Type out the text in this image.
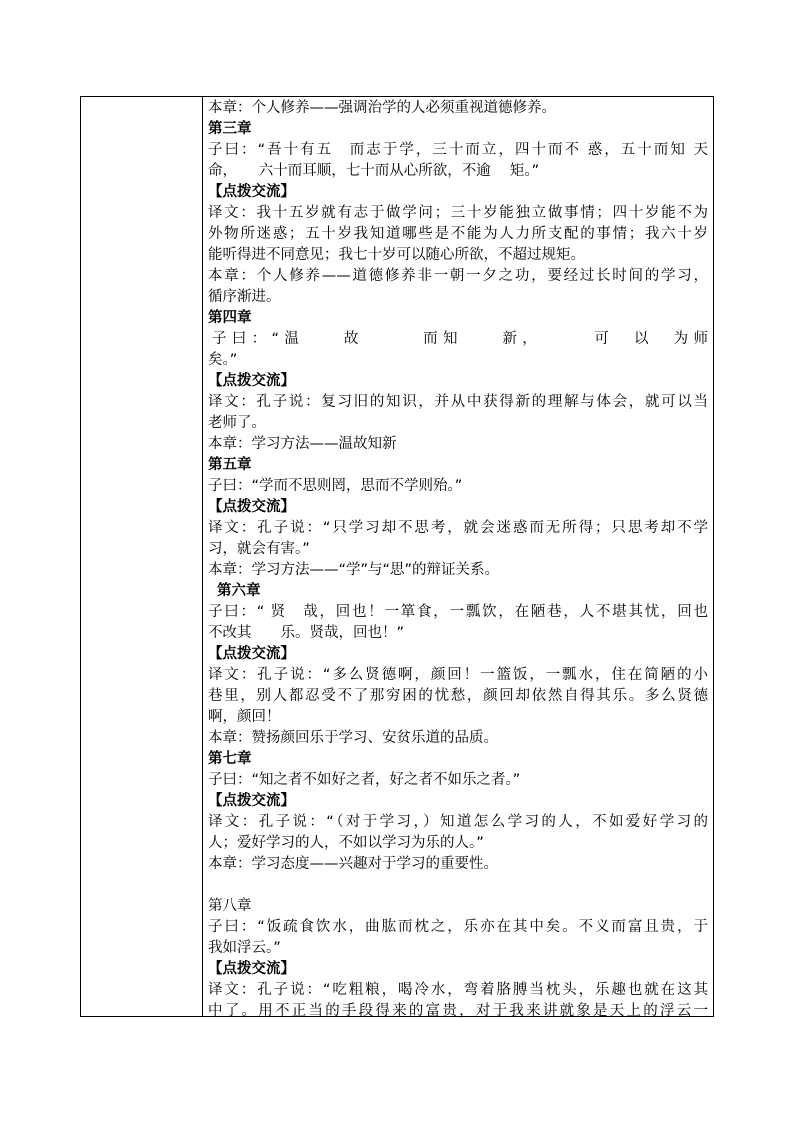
本章：个人修养——强调治学的人必须重视道德修养。
第三章
子曰：“吾十有五　而志于学，三十而立，四十而不 惑，五十而知 天
命，　　六十而耳顺，七十而从心所欲，不逾　 矩。”
【点拨交流】
译文：我十五岁就有志于做学问；三十岁能独立做事情；四十岁能不为
外物所迷惑；五十岁我知道哪些是不能为人力所支配的事情；我六十岁
能听得进不同意见；我七十岁可以随心所欲，不超过规矩。
本章：个人修养——道德修养非一朝一夕之功，要经过长时间的学习，
循序渐进。
第四章
子曰：“温　　故　　　而知　　新，　　　可　以　为师
矣。”
【点拨交流】
译文：孔子说：复习旧的知识，并从中获得新的理解与体会，就可以当
老师了。
本章：学习方法——温故知新
第五章
子曰：“学而不思则罔，思而不学则殆。”
【点拨交流】
译文：孔子说：“只学习却不思考，就会迷惑而无所得；只思考却不学
习，就会有害。”
本章：学习方法——“学”与“思”的辩证关系。
第六章
子曰：“ 贤　哉，回也！一箪食，一瓢饮，在陋巷，人不堪其忧，回也
不改其　　乐。贤哉，回也！”
【点拨交流】
译文：孔子说：“多么贤德啊，颜回！一篮饭，一瓢水，住在简陋的小
巷里，别人都忍受不了那穷困的忧愁，颜回却依然自得其乐。多么贤德
啊，颜回！
本章：赞扬颜回乐于学习、安贫乐道的品质。
第七章
子曰：“知之者不如好之者，好之者不如乐之者。”
【点拨交流】
译文：孔子说：“（对于学习，）知道怎么学习的人，不如爱好学习的
人；爱好学习的人，不如以学习为乐的人。”
本章：学习态度——兴趣对于学习的重要性。
第八章
子曰：“饭疏食饮水，曲肱而枕之，乐亦在其中矣。不义而富且贵，于
我如浮云。”
【点拨交流】
译文：孔子说：“吃粗粮，喝冷水，弯着胳膊当枕头，乐趣也就在这其
中了。用不正当的手段得来的富贵，对于我来讲就象是天上的浮云一
